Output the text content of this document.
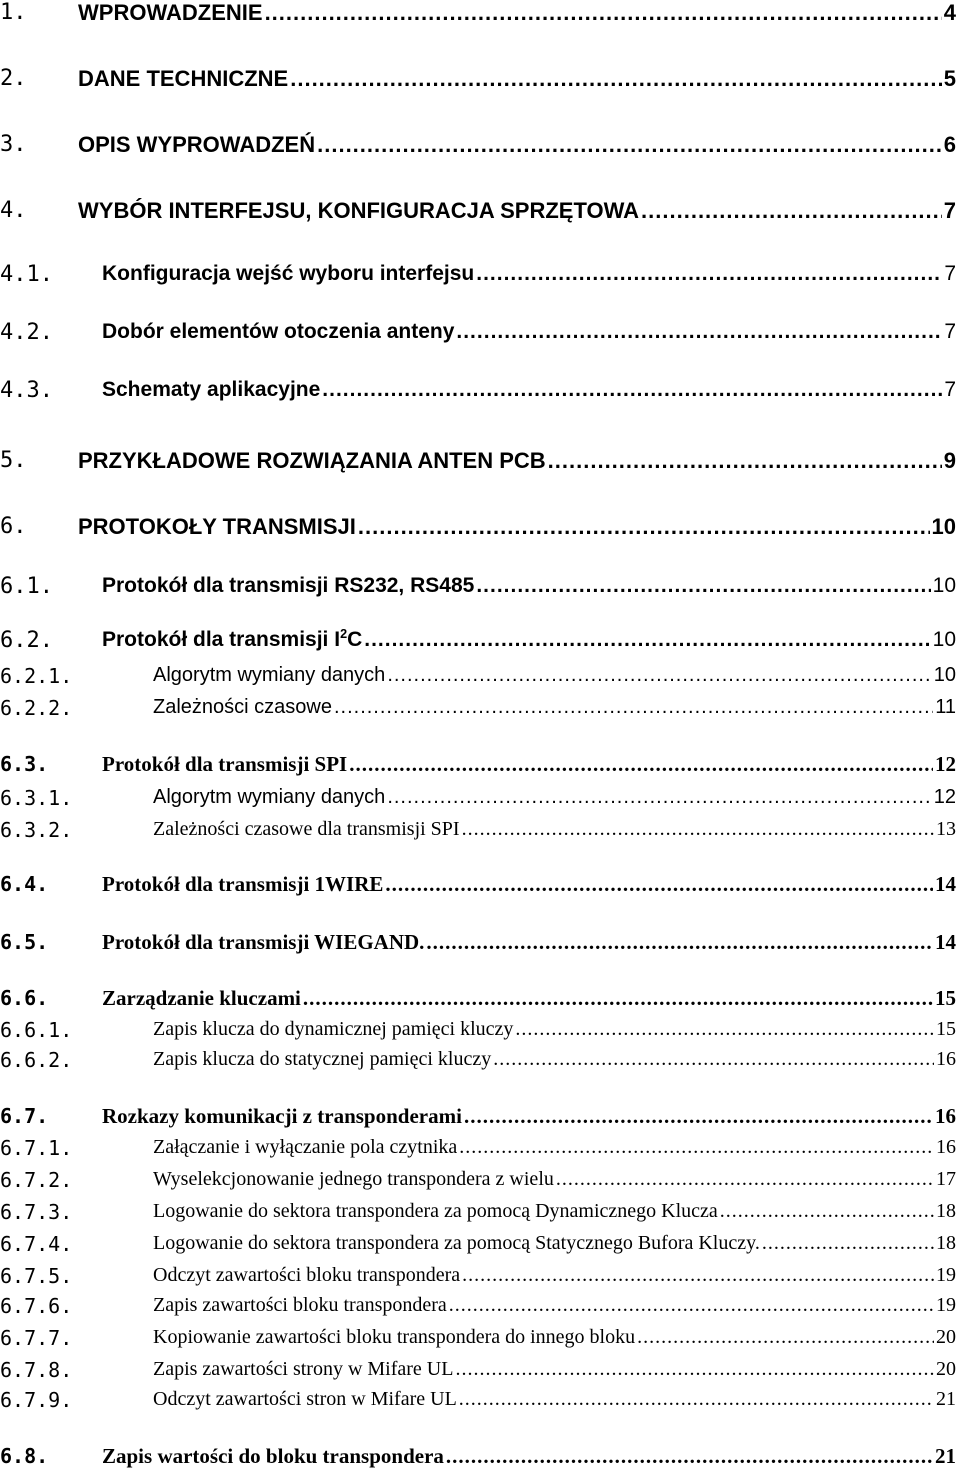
1. WPROWADZENIE .....	4
2. DANE TECHNICZNE .....	5
3. OPIS WYPROWADZEŃ .....	6
4. WYBÓR INTERFEJSU, KONFIGURACJA SPRZĘTOWA .....	7
4.1. Konfiguracja wejść wyboru interfejsu .....	7
4.2. Dobór elementów otoczenia anteny .....	7
4.3. Schematy aplikacyjne .....	7
5. PRZYKŁADOWE ROZWIĄZANIA ANTEN PCB .....	9
6. PROTOKOŁY TRANSMISJI .....	10
6.1. Protokół dla transmisji RS232, RS485 .....	10
6.2. Protokół dla transmisji $I^2C$ .....	10
6.2.1.	Algorytm wymiany danych .....	10
6.2.2.	Zależności czasowe .....	11
6.3.	Protokół dla transmisji SPI .....	12
6.3.1.	Algorytm wymiany danych .....	12
6.3.2.	Zależności czasowe dla transmisji SPI .....	13
6.4.	Protokół dla transmisji 1WIRE .....	14
6.5.	Protokół dla transmisji WIEGAND. .....	14
6.6.	Zarządzanie kluczami .....	15
6.6.1.	Zapis klucza do dynamicznej pamięci kluczy .....	15
6.6.2.	Zapis klucza do statycznej pamięci kluczy .....	16
6.7.	Rozkazy komunikacji z transponderami .....	16
6.7.1.	Załączanie i wyłączanie pola czytnika .....	16
6.7.2.	Wyselekcjonowanie jednego transpondera z wielu .....	17
6.7.3.	Logowanie do sektora transpondera za pomocą Dynamicznego Klucza .....	18
6.7.4.	Logowanie do sektora transpondera za pomocą Statycznego Bufora Kluczy. .....	18
6.7.5.	Odczyt zawartości bloku transpondera .....	19
6.7.6.	Zapis zawartości bloku transpondera .....	19
6.7.7.	Kopiowanie zawartości bloku transpondera do innego bloku .....	20
6.7.8.	Zapis zawartości strony w Mifare UL .....	20
6.7.9.	Odczyt zawartości stron w Mifare UL .....	21
6.8.	Zapis wartości do bloku transpondera .....	21
